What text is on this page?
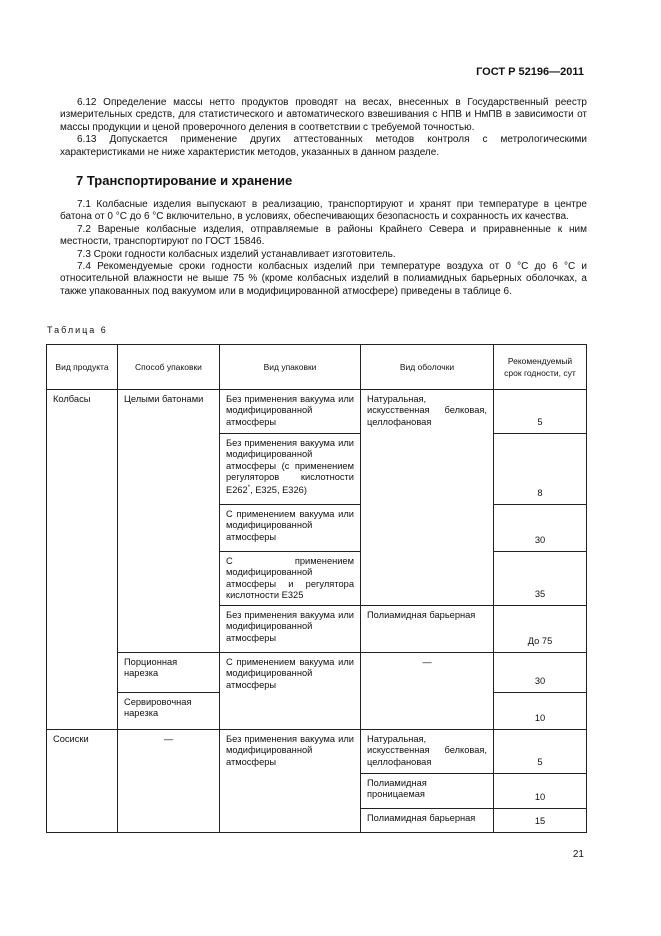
ГОСТ Р 52196—2011

6.12 Определение массы нетто продуктов проводят на весах, внесенных в Государственный реестр измерительных средств, для статистического и автоматического взвешивания с НПВ и НмПВ в зависимости от массы продукции и ценой проверочного деления в соответствии с требуемой точностью.

6.13 Допускается применение других аттестованных методов контроля с метрологическими характеристиками не ниже характеристик методов, указанных в данном разделе.

7 Транспортирование и хранение

7.1 Колбасные изделия выпускают в реализацию, транспортируют и хранят при температуре в центре батона от 0 °С до 6 °С включительно, в условиях, обеспечивающих безопасность и сохранность их качества.

7.2 Вареные колбасные изделия, отправляемые в районы Крайнего Севера и приравненные к ним местности, транспортируют по ГОСТ 15846.

7.3 Сроки годности колбасных изделий устанавливает изготовитель.

7.4 Рекомендуемые сроки годности колбасных изделий при температуре воздуха от 0 °С до 6 °С и относительной влажности не выше 75 % (кроме колбасных изделий в полиамидных барьерных оболочках, а также упакованных под вакуумом или в модифицированной атмосфере) приведены в таблице 6.

Таблица 6
Вид продукта	Способ упаковки	Вид упаковки	Вид оболочки	Рекомендуемый
срок годности, сут
Колбасы	Целыми батонами	Без применения вакуума или модифицированной атмосферы	Натуральная, искусственная белковая, целлофановая	5
		Без применения вакуума или модифицированной атмосферы (с применением регуляторов кислотности Е262*, Е325, Е326)		8
		С применением вакуума или модифицированной атмосферы		30
		С применением модифицированной атмосферы и регулятора кислотности Е325		35
		Без применения вакуума или модифицированной атмосферы	Полиамидная барьерная	До 75
	Порционная нарезка	С применением вакуума или модифицированной атмосферы	—	30
	Сервировочная нарезка			10
Сосиски	—	Без применения вакуума или модифицированной атмосферы	Натуральная, искусственная белковая, целлофановая	5
			Полиамидная проницаемая	10
			Полиамидная барьерная	15
21
